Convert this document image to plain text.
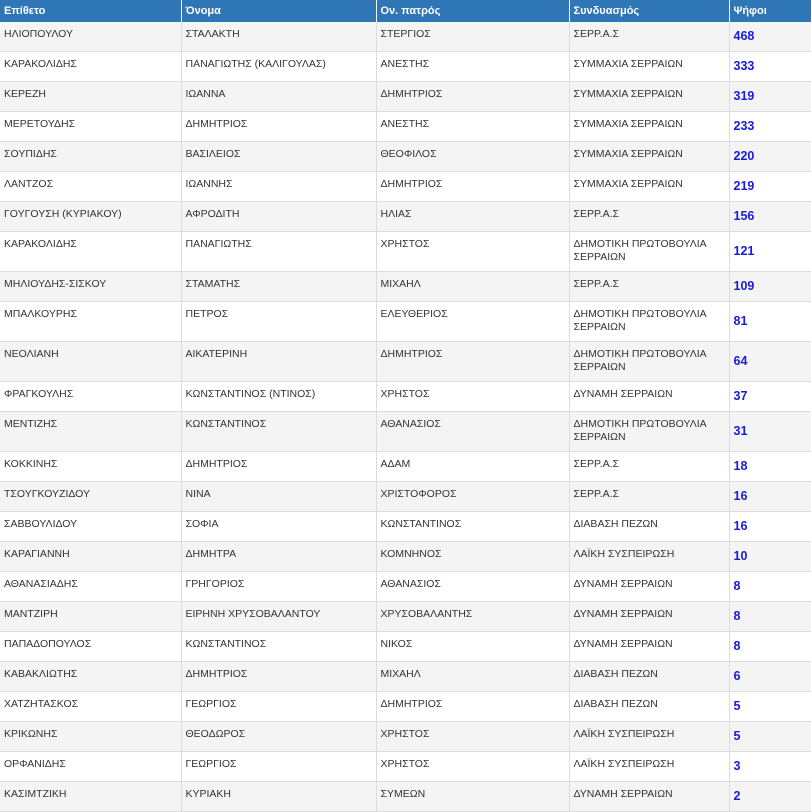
Επίθετο	Όνομα	Ον. πατρός	Συνδυασμός	Ψήφοι
ΗΛΙΟΠΟΥΛΟΥ	ΣΤΑΛΑΚΤΗ	ΣΤΕΡΓΙΟΣ	ΣΕΡΡ.Α.Σ	468
ΚΑΡΑΚΟΛΙΔΗΣ	ΠΑΝΑΓΙΩΤΗΣ (ΚΑΛΙΓΟΥΛΑΣ)	ΑΝΕΣΤΗΣ	ΣΥΜΜΑΧΙΑ ΣΕΡΡΑΙΩΝ	333
ΚΕΡΕΖΗ	ΙΩΑΝΝΑ	ΔΗΜΗΤΡΙΟΣ	ΣΥΜΜΑΧΙΑ ΣΕΡΡΑΙΩΝ	319
ΜΕΡΕΤΟΥΔΗΣ	ΔΗΜΗΤΡΙΟΣ	ΑΝΕΣΤΗΣ	ΣΥΜΜΑΧΙΑ ΣΕΡΡΑΙΩΝ	233
ΣΟΥΠΙΔΗΣ	ΒΑΣΙΛΕΙΟΣ	ΘΕΟΦΙΛΟΣ	ΣΥΜΜΑΧΙΑ ΣΕΡΡΑΙΩΝ	220
ΛΑΝΤΖΟΣ	ΙΩΑΝΝΗΣ	ΔΗΜΗΤΡΙΟΣ	ΣΥΜΜΑΧΙΑ ΣΕΡΡΑΙΩΝ	219
ΓΟΥΓΟΥΣΗ (ΚΥΡΙΑΚΟΥ)	ΑΦΡΟΔΙΤΗ	ΗΛΙΑΣ	ΣΕΡΡ.Α.Σ	156
ΚΑΡΑΚΟΛΙΔΗΣ	ΠΑΝΑΓΙΩΤΗΣ	ΧΡΗΣΤΟΣ	ΔΗΜΟΤΙΚΗ ΠΡΩΤΟΒΟΥΛΙΑ ΣΕΡΡΑΙΩΝ	121
ΜΗΛΙΟΥΔΗΣ-ΣΙΣΚΟΥ	ΣΤΑΜΑΤΗΣ	ΜΙΧΑΗΛ	ΣΕΡΡ.Α.Σ	109
ΜΠΑΛΚΟΥΡΗΣ	ΠΕΤΡΟΣ	ΕΛΕΥΘΕΡΙΟΣ	ΔΗΜΟΤΙΚΗ ΠΡΩΤΟΒΟΥΛΙΑ ΣΕΡΡΑΙΩΝ	81
ΝΕΟΛΙΑΝΗ	ΑΙΚΑΤΕΡΙΝΗ	ΔΗΜΗΤΡΙΟΣ	ΔΗΜΟΤΙΚΗ ΠΡΩΤΟΒΟΥΛΙΑ ΣΕΡΡΑΙΩΝ	64
ΦΡΑΓΚΟΥΛΗΣ	ΚΩΝΣΤΑΝΤΙΝΟΣ (ΝΤΙΝΟΣ)	ΧΡΗΣΤΟΣ	ΔΥΝΑΜΗ ΣΕΡΡΑΙΩΝ	37
ΜΕΝΤΙΖΗΣ	ΚΩΝΣΤΑΝΤΙΝΟΣ	ΑΘΑΝΑΣΙΟΣ	ΔΗΜΟΤΙΚΗ ΠΡΩΤΟΒΟΥΛΙΑ ΣΕΡΡΑΙΩΝ	31
ΚΟΚΚΙΝΗΣ	ΔΗΜΗΤΡΙΟΣ	ΑΔΑΜ	ΣΕΡΡ.Α.Σ	18
ΤΣΟΥΓΚΟΥΖΙΔΟΥ	ΝΙΝΑ	ΧΡΙΣΤΟΦΟΡΟΣ	ΣΕΡΡ.Α.Σ	16
ΣΑΒΒΟΥΛΙΔΟΥ	ΣΟΦΙΑ	ΚΩΝΣΤΑΝΤΙΝΟΣ	ΔΙΑΒΑΣΗ ΠΕΖΩΝ	16
ΚΑΡΑΓΙΑΝΝΗ	ΔΗΜΗΤΡΑ	ΚΟΜΝΗΝΟΣ	ΛΑΪΚΗ ΣΥΣΠΕΙΡΩΣΗ	10
ΑΘΑΝΑΣΙΑΔΗΣ	ΓΡΗΓΟΡΙΟΣ	ΑΘΑΝΑΣΙΟΣ	ΔΥΝΑΜΗ ΣΕΡΡΑΙΩΝ	8
ΜΑΝΤΖΙΡΗ	ΕΙΡΗΝΗ ΧΡΥΣΟΒΑΛΑΝΤΟΥ	ΧΡΥΣΟΒΑΛΑΝΤΗΣ	ΔΥΝΑΜΗ ΣΕΡΡΑΙΩΝ	8
ΠΑΠΑΔΟΠΟΥΛΟΣ	ΚΩΝΣΤΑΝΤΙΝΟΣ	ΝΙΚΟΣ	ΔΥΝΑΜΗ ΣΕΡΡΑΙΩΝ	8
ΚΑΒΑΚΛΙΩΤΗΣ	ΔΗΜΗΤΡΙΟΣ	ΜΙΧΑΗΛ	ΔΙΑΒΑΣΗ ΠΕΖΩΝ	6
ΧΑΤΖΗΤΑΣΚΟΣ	ΓΕΩΡΓΙΟΣ	ΔΗΜΗΤΡΙΟΣ	ΔΙΑΒΑΣΗ ΠΕΖΩΝ	5
ΚΡΙΚΩΝΗΣ	ΘΕΟΔΩΡΟΣ	ΧΡΗΣΤΟΣ	ΛΑΪΚΗ ΣΥΣΠΕΙΡΩΣΗ	5
ΟΡΦΑΝΙΔΗΣ	ΓΕΩΡΓΙΟΣ	ΧΡΗΣΤΟΣ	ΛΑΪΚΗ ΣΥΣΠΕΙΡΩΣΗ	3
ΚΑΣΙΜΤΖΙΚΗ	ΚΥΡΙΑΚΗ	ΣΥΜΕΩΝ	ΔΥΝΑΜΗ ΣΕΡΡΑΙΩΝ	2
